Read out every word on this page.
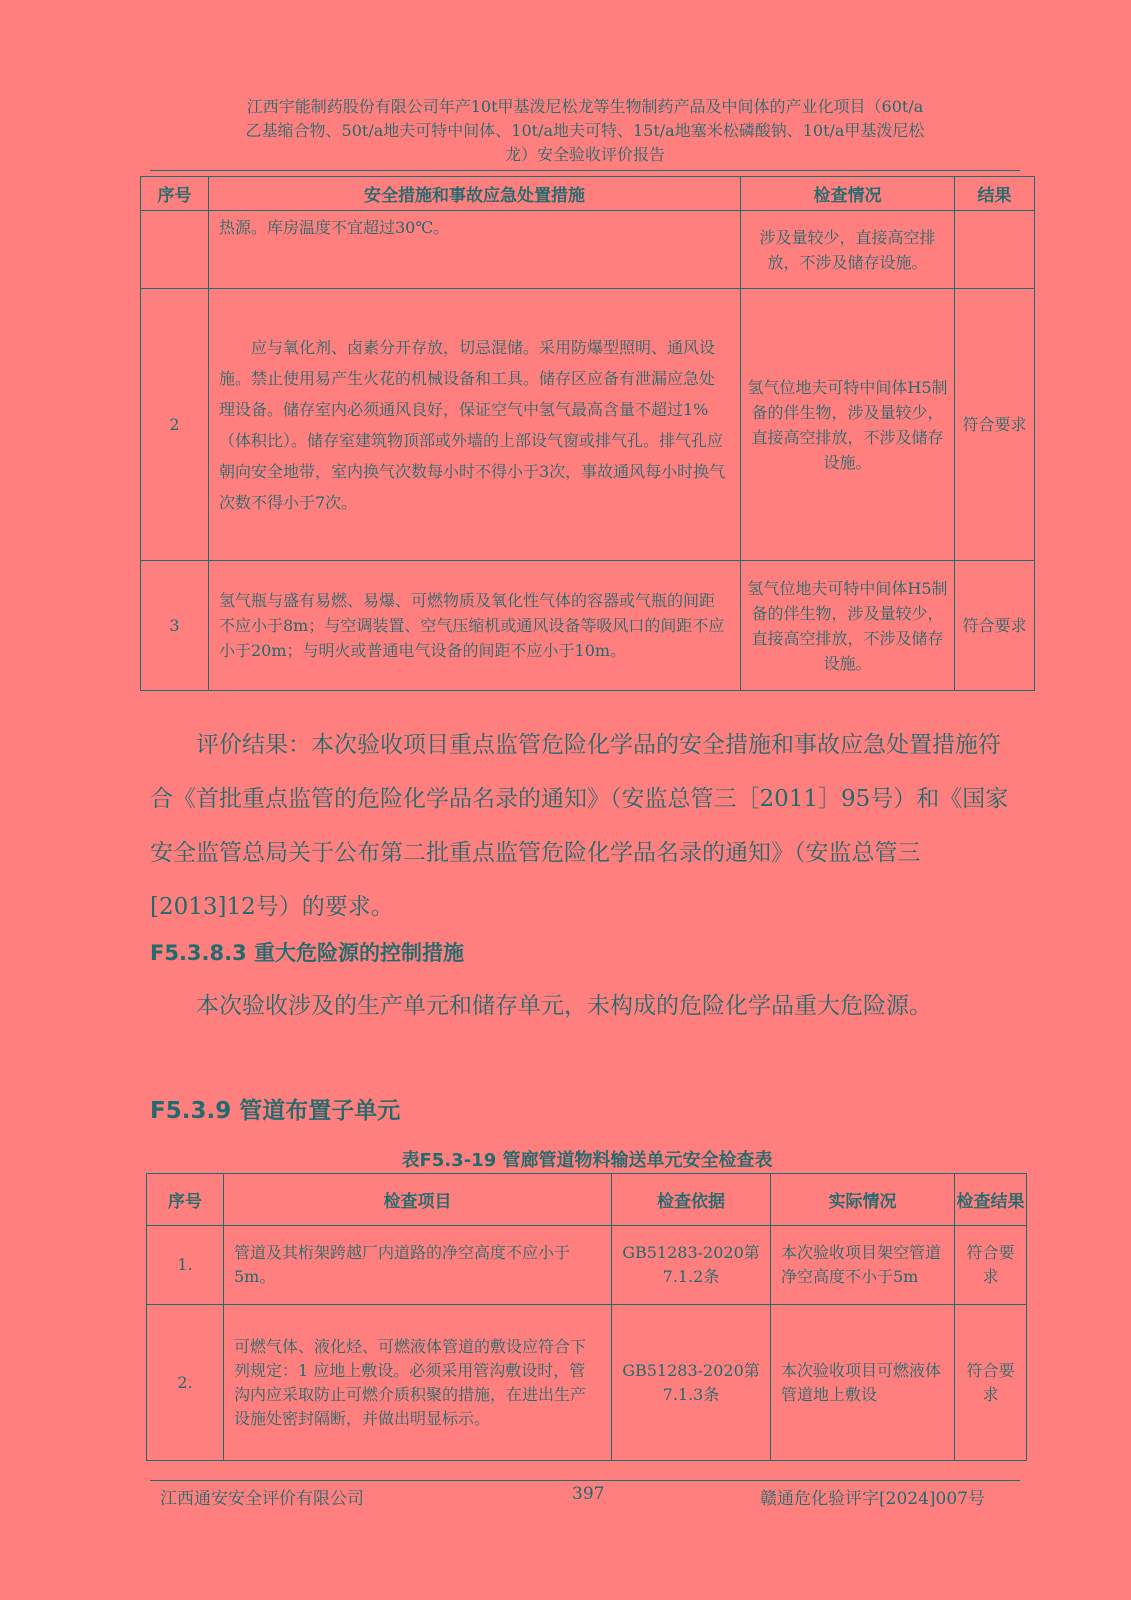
江西宇能制药股份有限公司年产10t甲基泼尼松龙等生物制药产品及中间体的产业化项目（60t/a
乙基缩合物、50t/a地夫可特中间体、10t/a地夫可特、15t/a地塞米松磷酸钠、10t/a甲基泼尼松
龙）安全验收评价报告
序号	安全措施和事故应急处置措施	检查情况	结果
	热源。库房温度不宜超过30℃。	涉及量较少，直接高空排放，不涉及储存设施。	
2	应与氧化剂、卤素分开存放，切忌混储。采用防爆型照明、通风设施。禁止使用易产生火花的机械设备和工具。储存区应备有泄漏应急处理设备。储存室内必须通风良好，保证空气中氢气最高含量不超过1%（体积比）。储存室建筑物顶部或外墙的上部设气窗或排气孔。排气孔应朝向安全地带，室内换气次数每小时不得小于3次，事故通风每小时换气次数不得小于7次。	氢气位地夫可特中间体H5制备的伴生物，涉及量较少，直接高空排放，不涉及储存设施。	符合要求
3	氢气瓶与盛有易燃、易爆、可燃物质及氧化性气体的容器或气瓶的间距不应小于8m；与空调装置、空气压缩机或通风设备等吸风口的间距不应小于20m；与明火或普通电气设备的间距不应小于10m。	氢气位地夫可特中间体H5制备的伴生物，涉及量较少，直接高空排放，不涉及储存设施。	符合要求
评价结果：本次验收项目重点监管危险化学品的安全措施和事故应急处置措施符合《首批重点监管的危险化学品名录的通知》（安监总管三［2011］95号）和《国家安全监管总局关于公布第二批重点监管危险化学品名录的通知》（安监总管三[2013]12号）的要求。
F5.3.8.3 重大危险源的控制措施
本次验收涉及的生产单元和储存单元，未构成的危险化学品重大危险源。
F5.3.9 管道布置子单元
表F5.3-19 管廊管道物料输送单元安全检查表
序号	检查项目	检查依据	实际情况	检查结果
1.	管道及其桁架跨越厂内道路的净空高度不应小于5m。	GB51283-2020第7.1.2条	本次验收项目架空管道净空高度不小于5m	符合要求
2.	可燃气体、液化烃、可燃液体管道的敷设应符合下列规定：1 应地上敷设。必须采用管沟敷设时，管沟内应采取防止可燃介质积聚的措施，在进出生产设施处密封隔断，并做出明显标示。	GB51283-2020第7.1.3条	本次验收项目可燃液体管道地上敷设	符合要求
江西通安安全评价有限公司	397	赣通危化验评字[2024]007号
